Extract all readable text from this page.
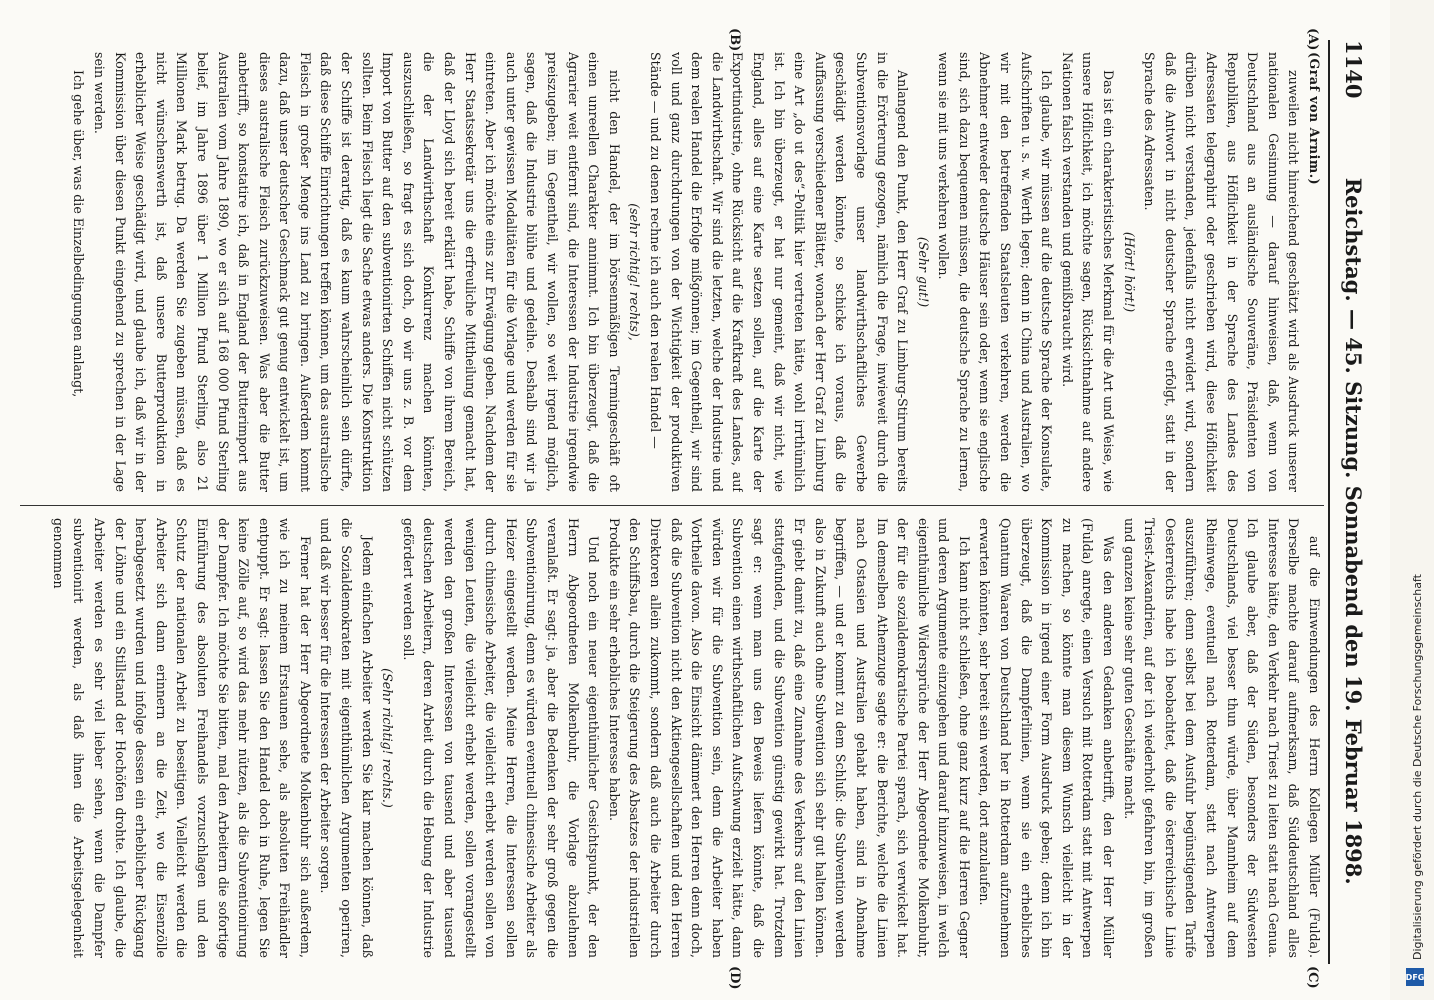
1140
Reichstag. — 45. Sitzung. Sonnabend den 19. Februar 1898.
(A)
(B)
(C)
(D)

(Graf von Arnim.)

zuweilen nicht hinreichend geschätzt wird als Ausdruck unserer nationalen Gesinnung — darauf hinweisen, daß, wenn von Deutschland aus an ausländische Souveräne, Präsidenten von Republiken, aus Höflichkeit in der Sprache des Landes des Adressaten telegraphirt oder geschrieben wird, diese Höflichkeit drüben nicht verstanden, jedenfalls nicht erwidert wird, sondern daß die Antwort in nicht deutscher Sprache erfolgt, statt in der Sprache des Adressaten.

(Hört! hört!)

Das ist ein charakteristisches Merkmal für die Art und Weise, wie unsere Höflichkeit, ich möchte sagen, Rücksichtnahme auf andere Nationen falsch verstanden und gemißbraucht wird.

Ich glaube, wir müssen auf die deutsche Sprache der Konsulate, Aufschriften u. s. w. Werth legen; denn in China und Australien, wo wir mit den betreffenden Staatsleuten verkehren, werden die Abnehmer entweder deutsche Häuser sein oder, wenn sie englische sind, sich dazu bequemen müssen, die deutsche Sprache zu lernen, wenn sie mit uns verkehren wollen.

(Sehr gut!)

Anlangend den Punkt, den Herr Graf zu Limburg-Stirum bereits in die Erörterung gezogen, nämlich die Frage, inwieweit durch die Subventionsvorlage unser landwirthschaftliches Gewerbe geschädigt werden könnte, so schicke ich voraus, daß die Auffassung verschiedener Blätter, wonach der Herr Graf zu Limburg eine Art „do ut des“-Politik hier vertreten hätte, wohl irrthümlich ist. Ich bin überzeugt, er hat nur gemeint, daß wir nicht, wie England, alles auf eine Karte setzen sollen, auf die Karte der Exportindustrie, ohne Rücksicht auf die Kraftkraft des Landes, auf die Landwirthschaft. Wir sind die letzten, welche der Industrie und dem realen Handel die Erfolge mißgönnen; im Gegentheil, wir sind voll und ganz durchdrungen von der Wichtigkeit der produktiven Stände — und zu denen rechne ich auch den realen Handel —

(sehr richtig! rechts),

nicht den Handel, der im börsenmäßigen Termingeschäft oft einen unreellen Charakter annimmt. Ich bin überzeugt, daß die Agrarier weit entfernt sind, die Interessen der Industrie irgendwie preiszugeben; im Gegentheil, wir wollen, so weit irgend möglich, sagen, daß die Industrie blühe und gedeihe. Deshalb sind wir ja auch unter gewissen Modalitäten für die Vorlage und werden für sie eintreten. Aber ich möchte eins zur Erwägung geben. Nachdem der Herr Staatssekretär uns die erfreuliche Mittheilung gemacht hat, daß der Lloyd sich bereit erklärt habe, Schiffe von ihrem Bereich, die der Landwirthschaft Konkurrenz machen könnten, auszuschließen, so fragt es sich doch, ob wir uns z. B. vor dem Import von Butter auf den subventionirten Schiffen nicht schützen sollten. Beim Fleisch liegt die Sache etwas anders. Die Konstruktion der Schiffe ist derartig, daß es kaum wahrscheinlich sein dürfte, daß diese Schiffe Einrichtungen treffen können, um das australische Fleisch in großer Menge ins Land zu bringen. Außerdem kommt dazu, daß unser deutscher Geschmack gut genug entwickelt ist, um dieses australische Fleisch zurückzuweisen. Was aber die Butter anbetrifft, so konstatire ich, daß in England der Butterimport aus Australien vom Jahre 1890, wo er sich auf 168 000 Pfund Sterling belief, im Jahre 1896 über 1 Million Pfund Sterling, also 21 Millionen Mark betrug. Da werden Sie zugeben müssen, daß es nicht wünschenswerth ist, daß unsere Butterproduktion in erheblicher Weise geschädigt wird, und glaube ich, daß wir in der Kommission über diesen Punkt eingehend zu sprechen in der Lage sein werden.

Ich gehe über, was die Einzelbedingungen anlangt,

auf die Einwendungen des Herrn Kollegen Müller (Fulda). Derselbe machte darauf aufmerksam, daß Süddeutschland alles Interesse hätte, den Verkehr nach Triest zu leiten statt nach Genua. Ich glaube aber, daß der Süden, besonders der Südwesten Deutschlands, viel besser thun würde, über Mannheim auf dem Rheinwege, eventuell nach Rotterdam, statt nach Antwerpen auszuführen; denn selbst bei dem Ausfuhr begünstigenden Tarife Oesterreichs habe ich beobachtet, daß die österreichische Linie Triest-Alexandrien, auf der ich wiederholt gefahren bin, im großen und ganzen keine sehr guten Geschäfte macht.

Was den anderen Gedanken anbetrifft, den der Herr Müller (Fulda) anregte, einen Versuch mit Rotterdam statt mit Antwerpen zu machen, so könnte man diesem Wunsch vielleicht in der Kommission in irgend einer Form Ausdruck geben; denn ich bin überzeugt, daß die Dampferlinien, wenn sie ein erhebliches Quantum Waaren von Deutschland her in Rotterdam aufzunehmen erwarten könnten, sehr bereit sein werden, dort anzulaufen.

Ich kann nicht schließen, ohne ganz kurz auf die Herren Gegner und deren Argumente einzugehen und darauf hinzuweisen, in welch eigenthümliche Widersprüche der Herr Abgeordnete Molkenbuhr, der für die sozialdemokratische Partei sprach, sich verwickelt hat. Im demselben Athemzuge sagte er: die Berichte, welche die Linien nach Ostasien und Australien gehabt haben, sind in Abnahme begriffen, — und er kommt zu dem Schluß: die Subvention werden also in Zukunft auch ohne Subvention sich sehr gut halten können. Er giebt damit zu, daß eine Zunahme des Verkehrs auf den Linien stattgefunden, und die Subvention günstig gewirkt hat. Trotzdem sagt er: wenn man uns den Beweis liefern könnte, daß die Subvention einen wirthschaftlichen Aufschwung erzielt hätte, dann würden wir für die Subvention sein, denn die Arbeiter haben Vortheile davon. Also die Einsicht dämmert den Herren denn doch, daß die Subvention nicht den Aktiengesellschaften und den Herren Direktoren allein zukommt, sondern daß auch die Arbeiter durch den Schiffsbau, durch die Steigerung des Absatzes der industriellen Produkte ein sehr erhebliches Interesse haben.

Und noch ein neuer eigenthümlicher Gesichtspunkt, der den Herrn Abgeordneten Molkenbuhr, die Vorlage abzulehnen veranlaßt. Er sagt: ja, aber die Bedenken der sehr groß gegen die Subventionirung, denn es würden eventuell chinesische Arbeiter als Heizer eingestellt werden. Meine Herren, die Interessen sollen durch chinesische Arbeiter, die vielleicht erhebt werden sollen von wenigen Leuten, die vielleicht erhebt werden, sollen vorangestellt werden den großen Interessen von tausend und aber tausend deutschen Arbeitern, deren Arbeit durch die Hebung der Industrie gefördert werden soll.

(Sehr richtig! rechts.)

Jedem einfachen Arbeiter werden Sie klar machen können, daß die Sozialdemokraten mit eigenthümlichen Argumenten operiren, und daß wir besser für die Interessen der Arbeiter sorgen.

Ferner hat der Herr Abgeordnete Molkenbuhr sich außerdem, wie ich zu meinem Erstaunen sehe, als absoluten Freihändler entpuppt. Er sagt: lassen Sie den Handel doch in Ruhe, legen Sie keine Zölle auf, so wird das mehr nützen, als die Subventionirung der Dampfer. Ich möchte Sie bitten, mal den Arbeitern die sofortige Einführung des absoluten Freihandels vorzuschlagen und den Schutz der nationalen Arbeit zu beseitigen. Vielleicht werden die Arbeiter sich dann erinnern an die Zeit, wo die Eisenzölle herabgesetzt wurden und infolge dessen ein erheblicher Rückgang der Löhne und ein Stillstand der Hochöfen drohte. Ich glaube, die Arbeiter werden es sehr viel lieber sehen, wenn die Dampfer subventionirt werden, als daß ihnen die Arbeitsgelegenheit genommen

Digitalisierung gefördert durch die Deutsche Forschungsgemeinschaft
DFG
